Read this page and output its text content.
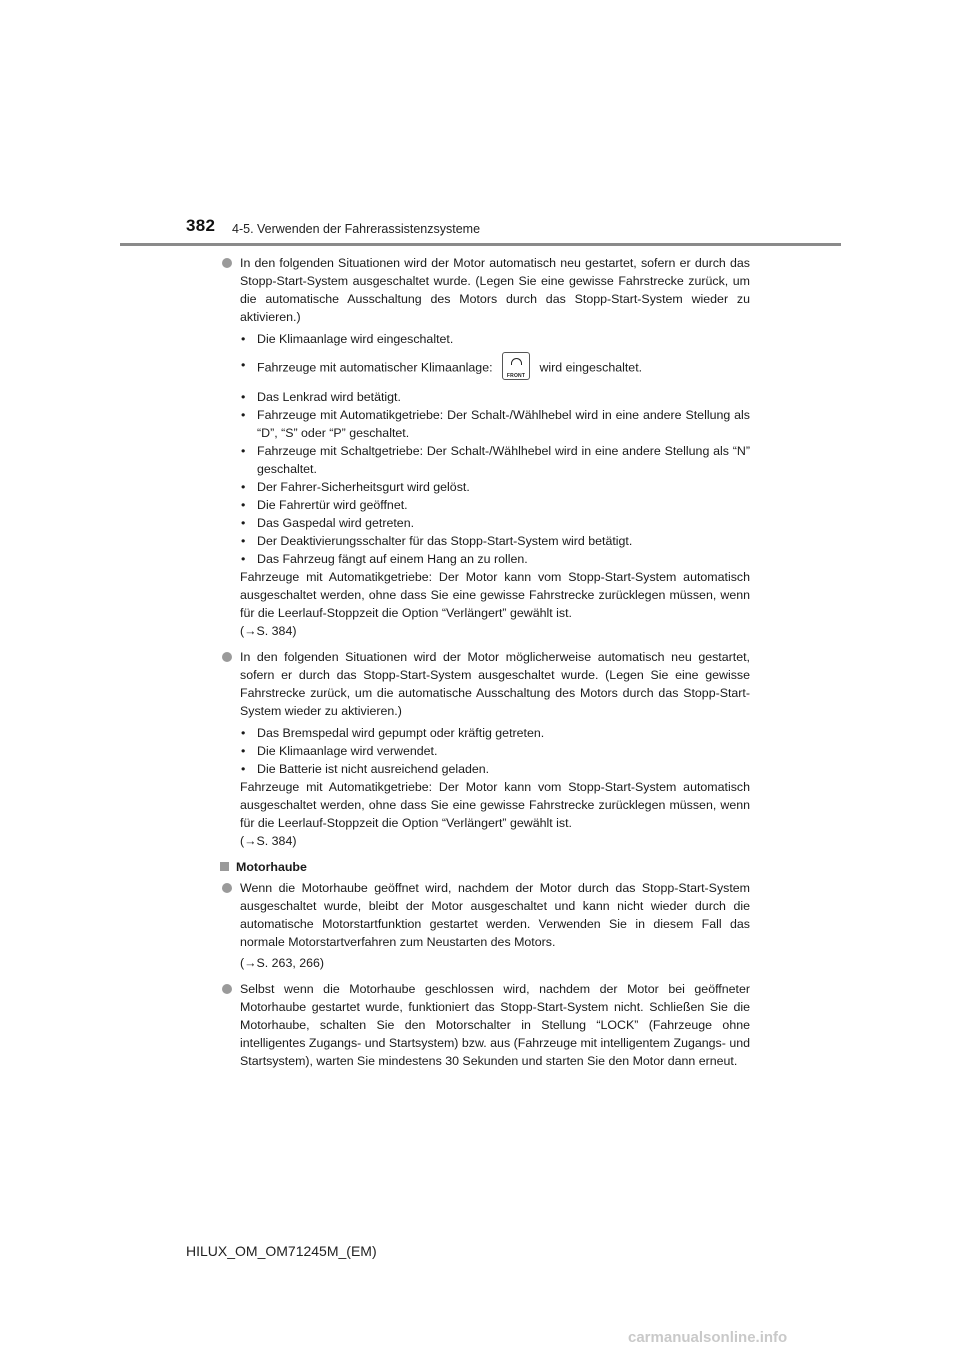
382 4-5. Verwenden der Fahrerassistenzsysteme
In den folgenden Situationen wird der Motor automatisch neu gestartet, sofern er durch das Stopp-Start-System ausgeschaltet wurde. (Legen Sie eine gewisse Fahrstrecke zurück, um die automatische Ausschaltung des Motors durch das Stopp-Start-System wieder zu aktivieren.)
• Die Klimaanlage wird eingeschaltet.
• Fahrzeuge mit automatischer Klimaanlage:
FRONT
wird eingeschaltet.
• Das Lenkrad wird betätigt.
• Fahrzeuge mit Automatikgetriebe: Der Schalt-/Wählhebel wird in eine andere Stellung als “D”, “S” oder “P” geschaltet.
• Fahrzeuge mit Schaltgetriebe: Der Schalt-/Wählhebel wird in eine andere Stellung als “N” geschaltet.
• Der Fahrer-Sicherheitsgurt wird gelöst.
• Die Fahrertür wird geöffnet.
• Das Gaspedal wird getreten.
• Der Deaktivierungsschalter für das Stopp-Start-System wird betätigt.
• Das Fahrzeug fängt auf einem Hang an zu rollen.
Fahrzeuge mit Automatikgetriebe: Der Motor kann vom Stopp-Start-System automatisch ausgeschaltet werden, ohne dass Sie eine gewisse Fahrstrecke zurücklegen müssen, wenn für die Leerlauf-Stoppzeit die Option “Verlängert” gewählt ist.
(→S. 384)
In den folgenden Situationen wird der Motor möglicherweise automatisch neu gestartet, sofern er durch das Stopp-Start-System ausgeschaltet wurde. (Legen Sie eine gewisse Fahrstrecke zurück, um die automatische Ausschaltung des Motors durch das Stopp-Start-System wieder zu aktivieren.)
• Das Bremspedal wird gepumpt oder kräftig getreten.
• Die Klimaanlage wird verwendet.
• Die Batterie ist nicht ausreichend geladen.
Fahrzeuge mit Automatikgetriebe: Der Motor kann vom Stopp-Start-System automatisch ausgeschaltet werden, ohne dass Sie eine gewisse Fahrstrecke zurücklegen müssen, wenn für die Leerlauf-Stoppzeit die Option “Verlängert” gewählt ist.
(→S. 384)
Motorhaube
Wenn die Motorhaube geöffnet wird, nachdem der Motor durch das Stopp-Start-System ausgeschaltet wurde, bleibt der Motor ausgeschaltet und kann nicht wieder durch die automatische Motorstartfunktion gestartet werden. Verwenden Sie in diesem Fall das normale Motorstartverfahren zum Neustarten des Motors.
(→S. 263, 266)
Selbst wenn die Motorhaube geschlossen wird, nachdem der Motor bei geöffneter Motorhaube gestartet wurde, funktioniert das Stopp-Start-System nicht. Schließen Sie die Motorhaube, schalten Sie den Motorschalter in Stellung “LOCK” (Fahrzeuge ohne intelligentes Zugangs- und Startsystem) bzw. aus (Fahrzeuge mit intelligentem Zugangs- und Startsystem), warten Sie mindestens 30 Sekunden und starten Sie den Motor dann erneut.
HILUX_OM_OM71245M_(EM)
carmanualsonline.info
